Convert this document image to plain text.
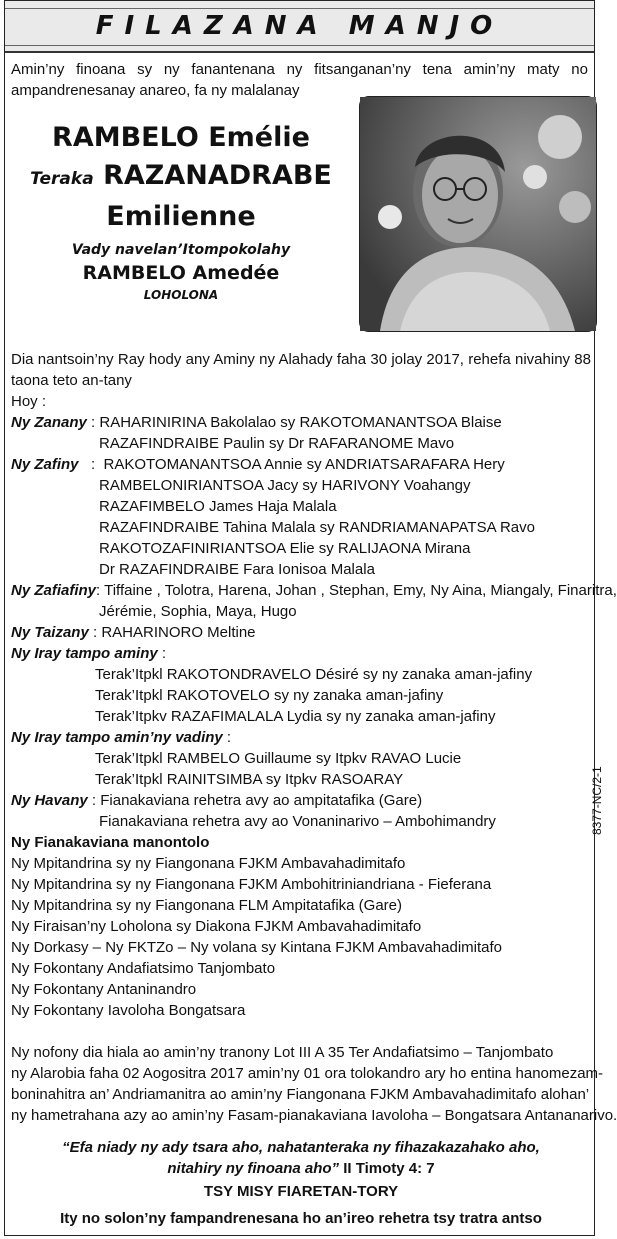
FILAZANA MANJO
Amin’ny finoana sy ny fanantenana ny fitsanganan’ny tena amin’ny maty no ampandrenesanay anareo, fa ny malalanay
RAMBELO Emélie
Teraka RAZANADRABE
Emilienne
Vady navelan’Itompokolahy
RAMBELO Amedée
LOHOLONA
Dia nantsoin’ny Ray hody any Aminy ny Alahady faha 30 jolay 2017, rehefa nivahiny 88 taona teto an-tany
Hoy :
Ny Zanany : RAHARINIRINA Bakolalao sy RAKOTOMANANTSOA Blaise
RAZAFINDRAIBE Paulin sy Dr RAFARANOME Mavo
Ny Zafiny   :  RAKOTOMANANTSOA Annie sy ANDRIATSARAFARA Hery
RAMBELONIRIANTSOA Jacy sy HARIVONY Voahangy
RAZAFIMBELO James Haja Malala
RAZAFINDRAIBE Tahina Malala sy RANDRIAMANAPATSA Ravo
RAKOTOZAFINIRIANTSOA Elie sy RALIJAONA Mirana
Dr RAZAFINDRAIBE Fara Ionisoa Malala
Ny Zafiafiny: Tiffaine , Tolotra, Harena, Johan , Stephan, Emy, Ny Aina, Miangaly, Finaritra,
Jérémie, Sophia, Maya, Hugo
Ny Taizany : RAHARINORO Meltine
Ny Iray tampo aminy :
Terak’Itpkl RAKOTONDRAVELO Désiré sy ny zanaka aman-jafiny
Terak’Itpkl RAKOTOVELO sy ny zanaka aman-jafiny
Terak’Itpkv RAZAFIMALALA Lydia sy ny zanaka aman-jafiny
Ny Iray tampo amin’ny vadiny :
Terak’Itpkl RAMBELO Guillaume sy Itpkv RAVAO Lucie
Terak’Itpkl RAINITSIMBA sy Itpkv RASOARAY
Ny Havany : Fianakaviana rehetra avy ao ampitatafika (Gare)
Fianakaviana rehetra avy ao Vonaninarivo – Ambohimandry
Ny Fianakaviana manontolo
Ny Mpitandrina sy ny Fiangonana FJKM Ambavahadimitafo
Ny Mpitandrina sy ny Fiangonana FJKM Ambohitriniandriana - Fieferana
Ny Mpitandrina sy ny Fiangonana FLM Ampitatafika (Gare)
Ny Firaisan’ny Loholona sy Diakona FJKM Ambavahadimitafo
Ny Dorkasy – Ny FKTZo – Ny volana sy Kintana FJKM Ambavahadimitafo
Ny Fokontany Andafiatsimo Tanjombato
Ny Fokontany Antaninandro
Ny Fokontany Iavoloha Bongatsara
Ny nofony dia hiala ao amin’ny tranony Lot III A 35 Ter Andafiatsimo – Tanjombato
ny Alarobia faha 02 Aogositra 2017 amin’ny 01 ora tolokandro ary ho entina hanomezam-
boninahitra an’ Andriamanitra ao amin’ny Fiangonana FJKM Ambavahadimitafo alohan’
ny hametrahana azy ao amin’ny Fasam-pianakaviana Iavoloha – Bongatsara Antananarivo.
“Efa niady ny ady tsara aho, nahatanteraka ny fihazakazahako aho,
nitahiry ny finoana aho” II Timoty 4: 7
TSY MISY FIARETAN-TORY
Ity no solon’ny fampandrenesana ho an’ireo rehetra tsy tratra antso
8377-NC/2-1
